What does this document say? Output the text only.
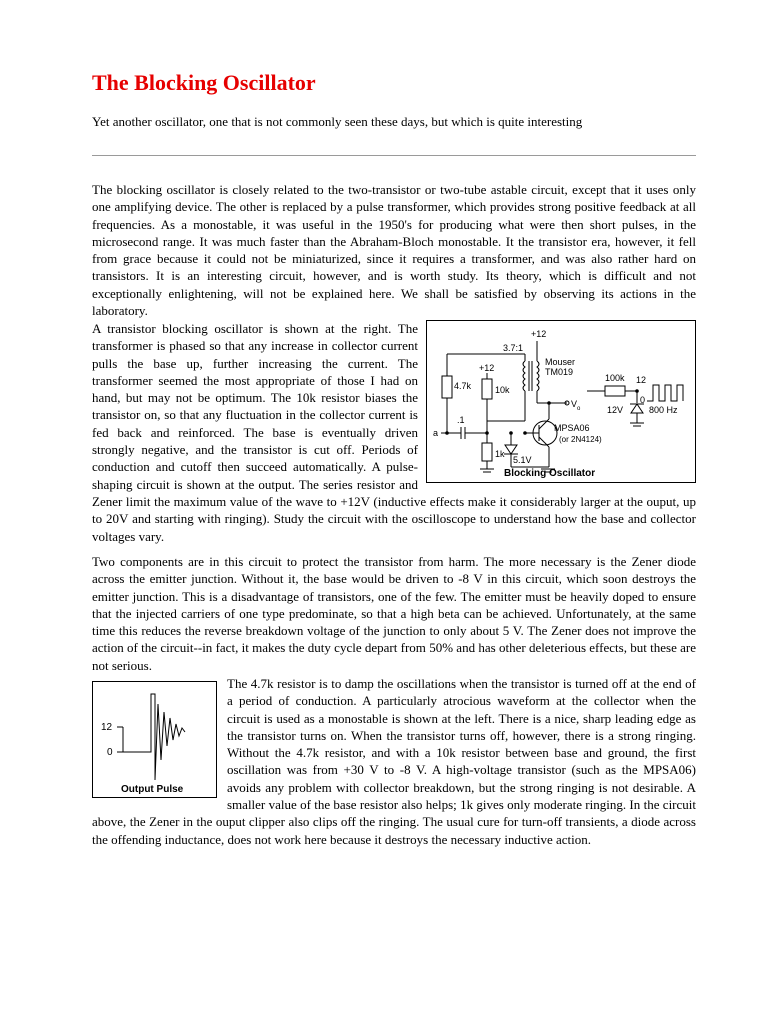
The Blocking Oscillator

Yet another oscillator, one that is not commonly seen these days, but which is quite interesting

The blocking oscillator is closely related to the two-transistor or two-tube astable circuit, except that it uses only one amplifying device. The other is replaced by a pulse transformer, which provides strong positive feedback at all frequencies. As a monostable, it was useful in the 1950's for producing what were then short pulses, in the microsecond range. It was much faster than the Abraham-Bloch monostable. It the transistor era, however, it fell from grace because it could not be miniaturized, since it requires a transformer, and was also rather hard on transistors. It is an interesting circuit, however, and is worth study. Its theory, which is difficult and not exceptionally enlightening, will not be explained here. We shall be satisfied by observing its actions in the laboratory.

+12
3.7:1
Mouser
TM019
+12
4.7k	10k
a
.1
1k
MPSA06
(or 2N4124)
5.1V
$V_o$
100k
12V
12
0
800 Hz
Blocking Oscillator

A transistor blocking oscillator is shown at the right. The transformer is phased so that any increase in collector current pulls the base up, further increasing the current. The transformer seemed the most appropriate of those I had on hand, but may not be optimum. The 10k resistor biases the transistor on, so that any fluctuation in the collector current is fed back and reinforced. The base is eventually driven strongly negative, and the transistor is cut off. Periods of conduction and cutoff then succeed automatically. A pulse-shaping circuit is shown at the output. The series resistor and Zener limit the maximum value of the wave to +12V (inductive effects make it considerably larger at the ouput, up to 20V and starting with ringing). Study the circuit with the oscilloscope to understand how the base and collector voltages vary.

Two components are in this circuit to protect the transistor from harm. The more necessary is the Zener diode across the emitter junction. Without it, the base would be driven to -8 V in this circuit, which soon destroys the emitter junction. This is a disadvantage of transistors, one of the few. The emitter must be heavily doped to ensure that the injected carriers of one type predominate, so that a high beta can be achieved. Unfortunately, at the same time this reduces the reverse breakdown voltage of the junction to only about 5 V. The Zener does not improve the action of the circuit--in fact, it makes the duty cycle depart from 50% and has other deleterious effects, but these are not serious.

12
0
Output Pulse

The 4.7k resistor is to damp the oscillations when the transistor is turned off at the end of a period of conduction. A particularly atrocious waveform at the collector when the circuit is used as a monostable is shown at the left. There is a nice, sharp leading edge as the transistor turns on. When the transistor turns off, however, there is a strong ringing. Without the 4.7k resistor, and with a 10k resistor between base and ground, the first oscillation was from +30 V to -8 V. A high-voltage transistor (such as the MPSA06) avoids any problem with collector breakdown, but the strong ringing is not desirable. A smaller value of the base resistor also helps; 1k gives only moderate ringing. In the circuit above, the Zener in the ouput clipper also clips off the ringing. The usual cure for turn-off transients, a diode across the offending inductance, does not work here because it destroys the necessary inductive action.
